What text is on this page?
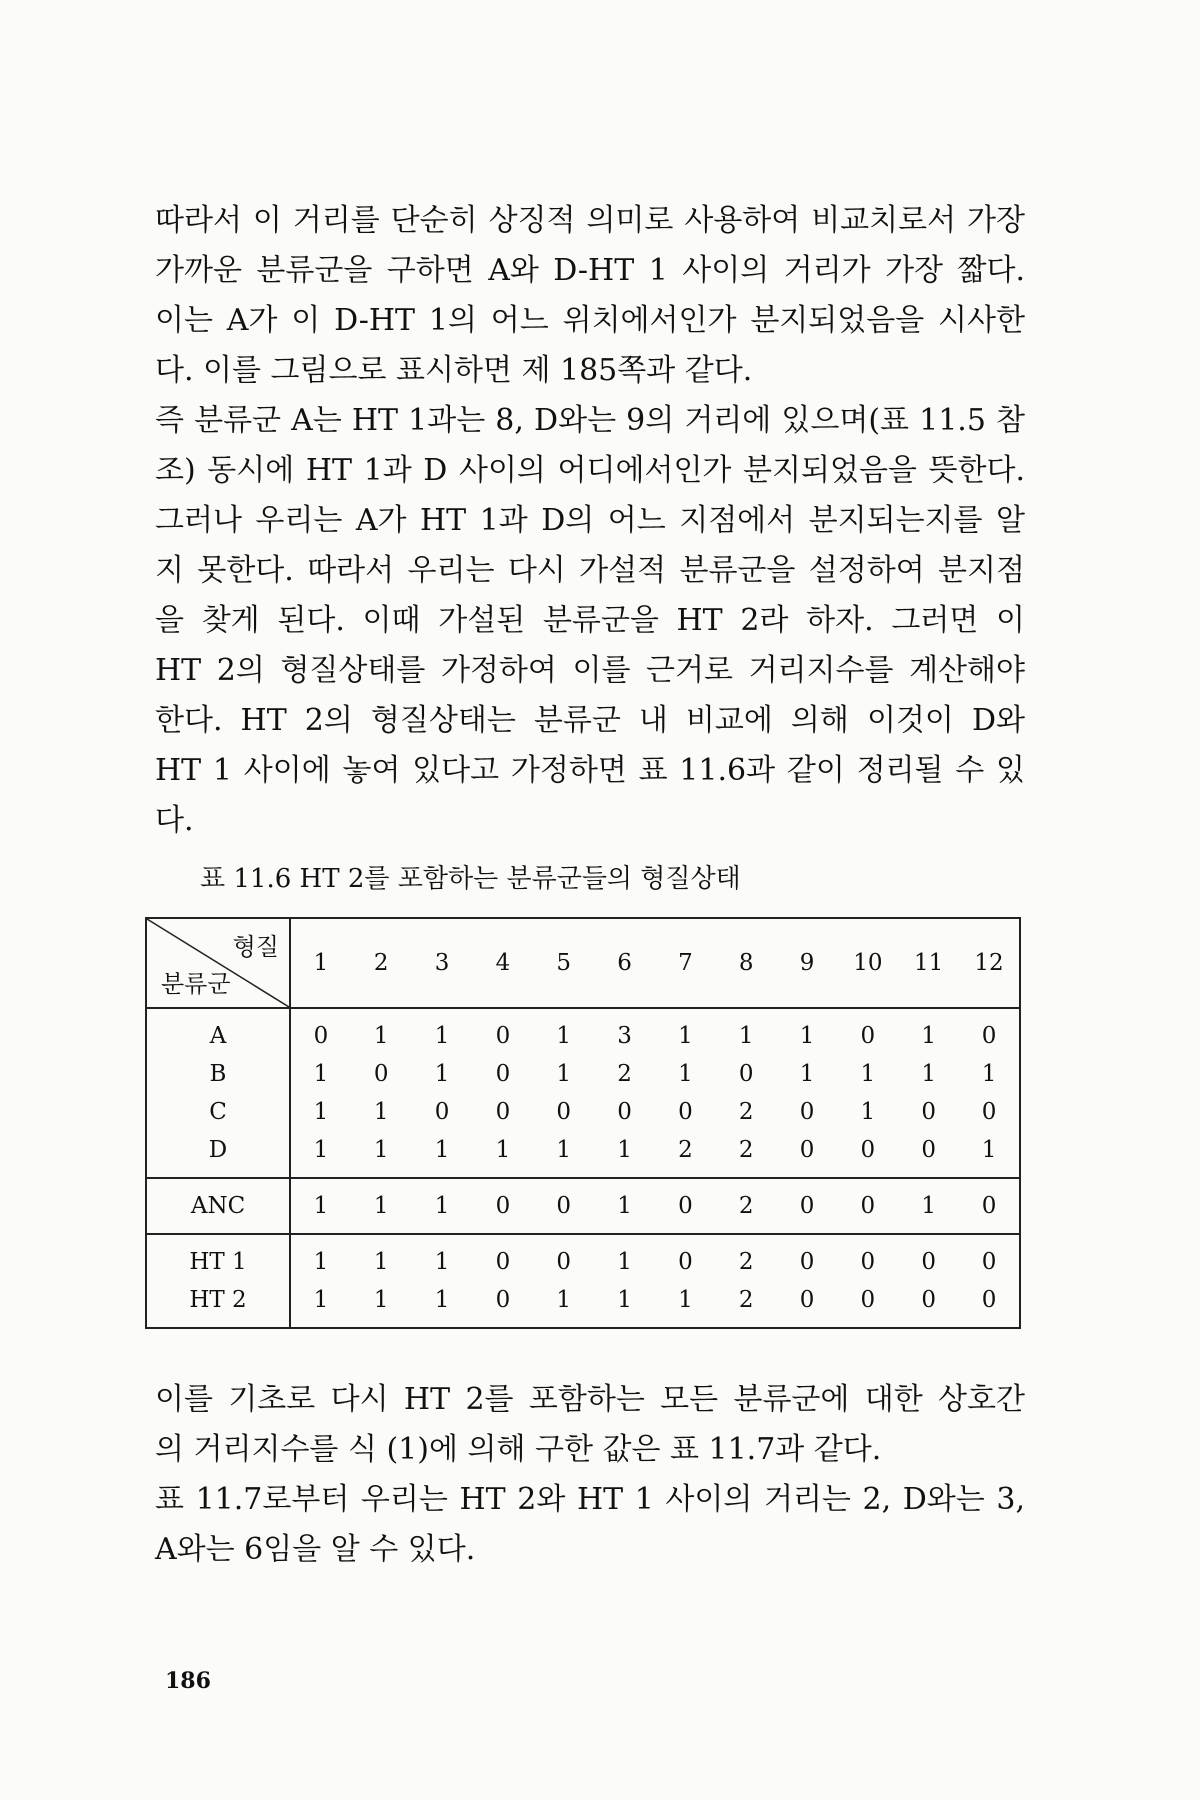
따라서 이 거리를 단순히 상징적 의미로 사용하여 비교치로서 가장
가까운 분류군을 구하면 A와 D-HT 1 사이의 거리가 가장 짧다.
이는 A가 이 D-HT 1의 어느 위치에서인가 분지되었음을 시사한
다. 이를 그림으로 표시하면 제 185쪽과 같다.
즉 분류군 A는 HT 1과는 8, D와는 9의 거리에 있으며(표 11.5 참
조) 동시에 HT 1과 D 사이의 어디에서인가 분지되었음을 뜻한다.
그러나 우리는 A가 HT 1과 D의 어느 지점에서 분지되는지를 알
지 못한다. 따라서 우리는 다시 가설적 분류군을 설정하여 분지점
을 찾게 된다. 이때 가설된 분류군을 HT 2라 하자. 그러면 이
HT 2의 형질상태를 가정하여 이를 근거로 거리지수를 계산해야
한다. HT 2의 형질상태는 분류군 내 비교에 의해 이것이 D와
HT 1 사이에 놓여 있다고 가정하면 표 11.6과 같이 정리될 수 있
다.

표 11.6 HT 2를 포함하는 분류군들의 형질상태
형질
분류군	1	2	3	4	5	6	7	8	9	10	11	12
A	0	1	1	0	1	3	1	1	1	0	1	0
B	1	0	1	0	1	2	1	0	1	1	1	1
C	1	1	0	0	0	0	0	2	0	1	0	0
D	1	1	1	1	1	1	2	2	0	0	0	1
ANC	1	1	1	0	0	1	0	2	0	0	1	0
HT 1	1	1	1	0	0	1	0	2	0	0	0	0
HT 2	1	1	1	0	1	1	1	2	0	0	0	0

이를 기초로 다시 HT 2를 포함하는 모든 분류군에 대한 상호간
의 거리지수를 식 (1)에 의해 구한 값은 표 11.7과 같다.
표 11.7로부터 우리는 HT 2와 HT 1 사이의 거리는 2, D와는 3,
A와는 6임을 알 수 있다.

186
